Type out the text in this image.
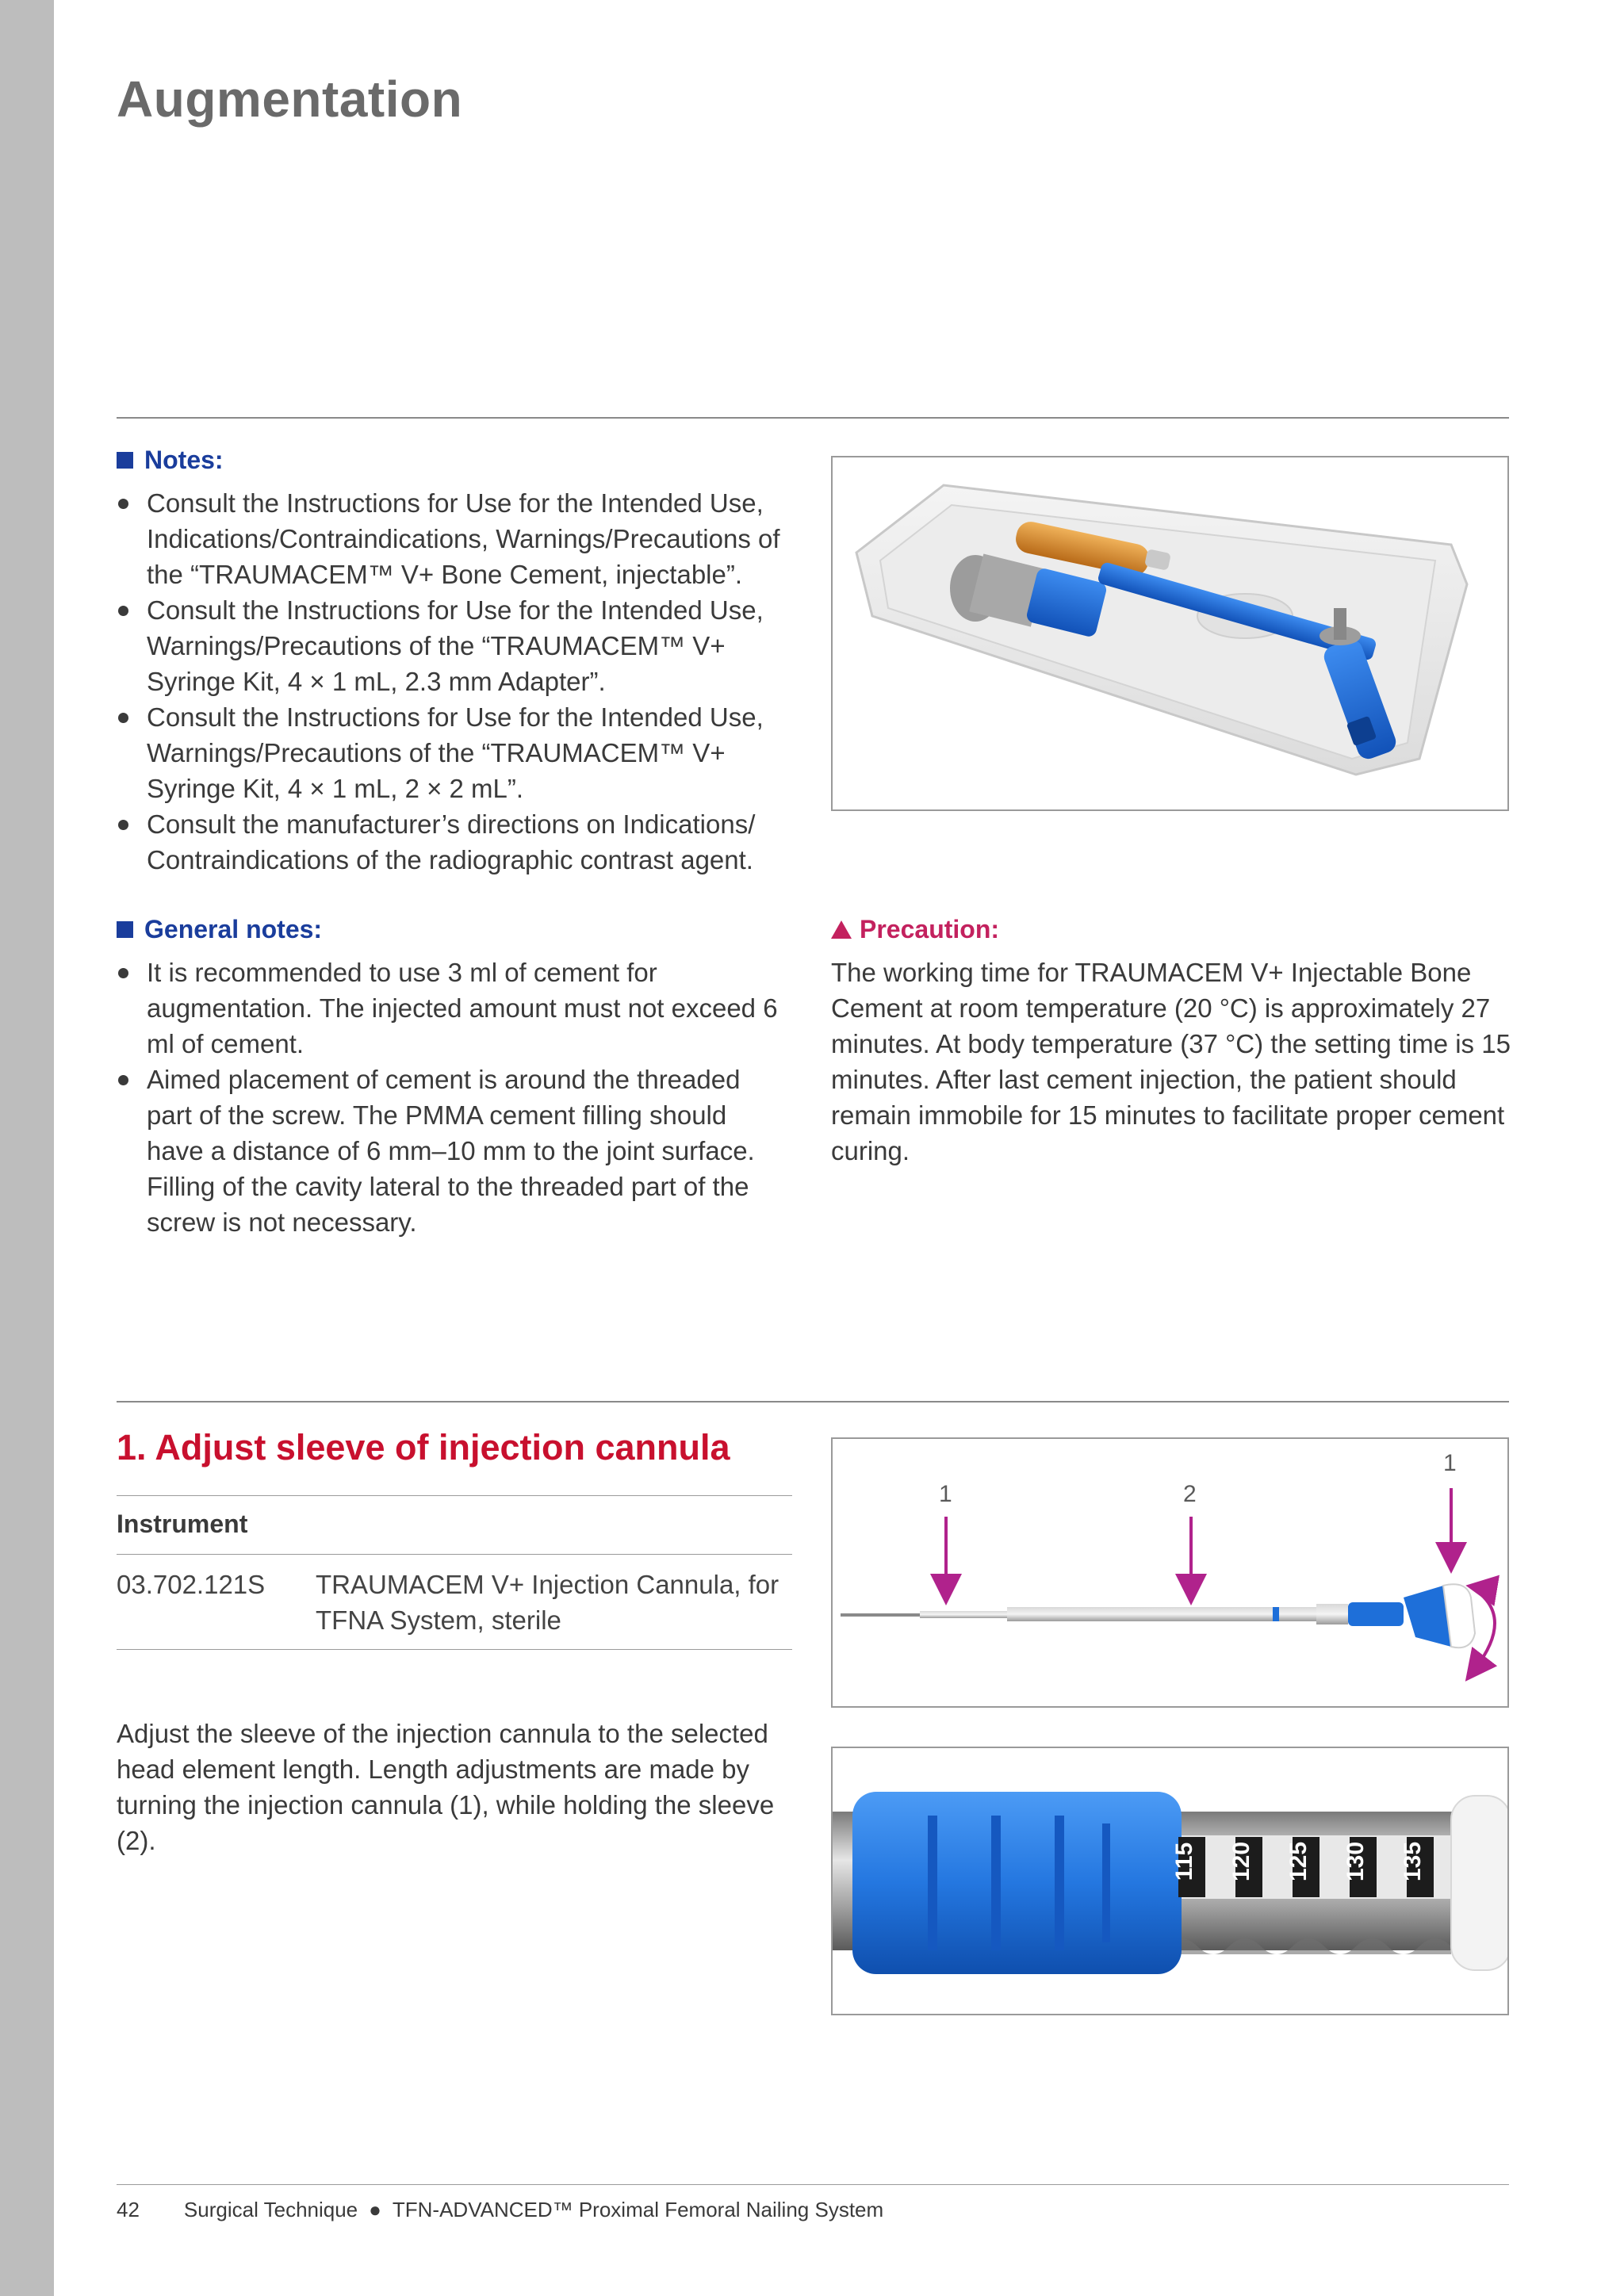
Augmentation
Notes:
Consult the Instructions for Use for the Intended Use, Indications/Contraindications, Warnings/Precautions of the “TRAUMACEM™ V+ Bone Cement, injectable”.
Consult the Instructions for Use for the Intended Use, Warnings/Precautions of the “TRAUMACEM™ V+ Syringe Kit, 4 × 1 mL, 2.3 mm Adapter”.
Consult the Instructions for Use for the Intended Use, Warnings/Precautions of the “TRAUMACEM™ V+ Syringe Kit, 4 × 1 mL, 2 × 2 mL”.
Consult the manufacturer’s directions on Indications/ Contraindications of the radiographic contrast agent.
General notes:
It is recommended to use 3 ml of cement for augmentation. The injected amount must not exceed 6 ml of cement.
Aimed placement of cement is around the threaded part of the screw. The PMMA cement filling should have a distance of 6 mm–10 mm to the joint surface. Filling of the cavity lateral to the threaded part of the screw is not necessary.
Precaution:

The working time for TRAUMACEM V+ Injectable Bone Cement at room temperature (20 °C) is approximately 27 minutes. At body temperature (37 °C) the setting time is 15 minutes. After last cement injection, the patient should remain immobile for 15 minutes to facilitate proper cement curing.

1. Adjust sleeve of injection cannula
Instrument
03.702.121S TRAUMACEM V+ Injection Cannula, for TFNA System, sterile

Adjust the sleeve of the injection cannula to the selected head element length. Length adjustments are made by turning the injection cannula (1), while holding the sleeve (2).

1	2
1
115 120 125 130 135
42 Surgical Technique ● TFN-ADVANCED™ Proximal Femoral Nailing System
